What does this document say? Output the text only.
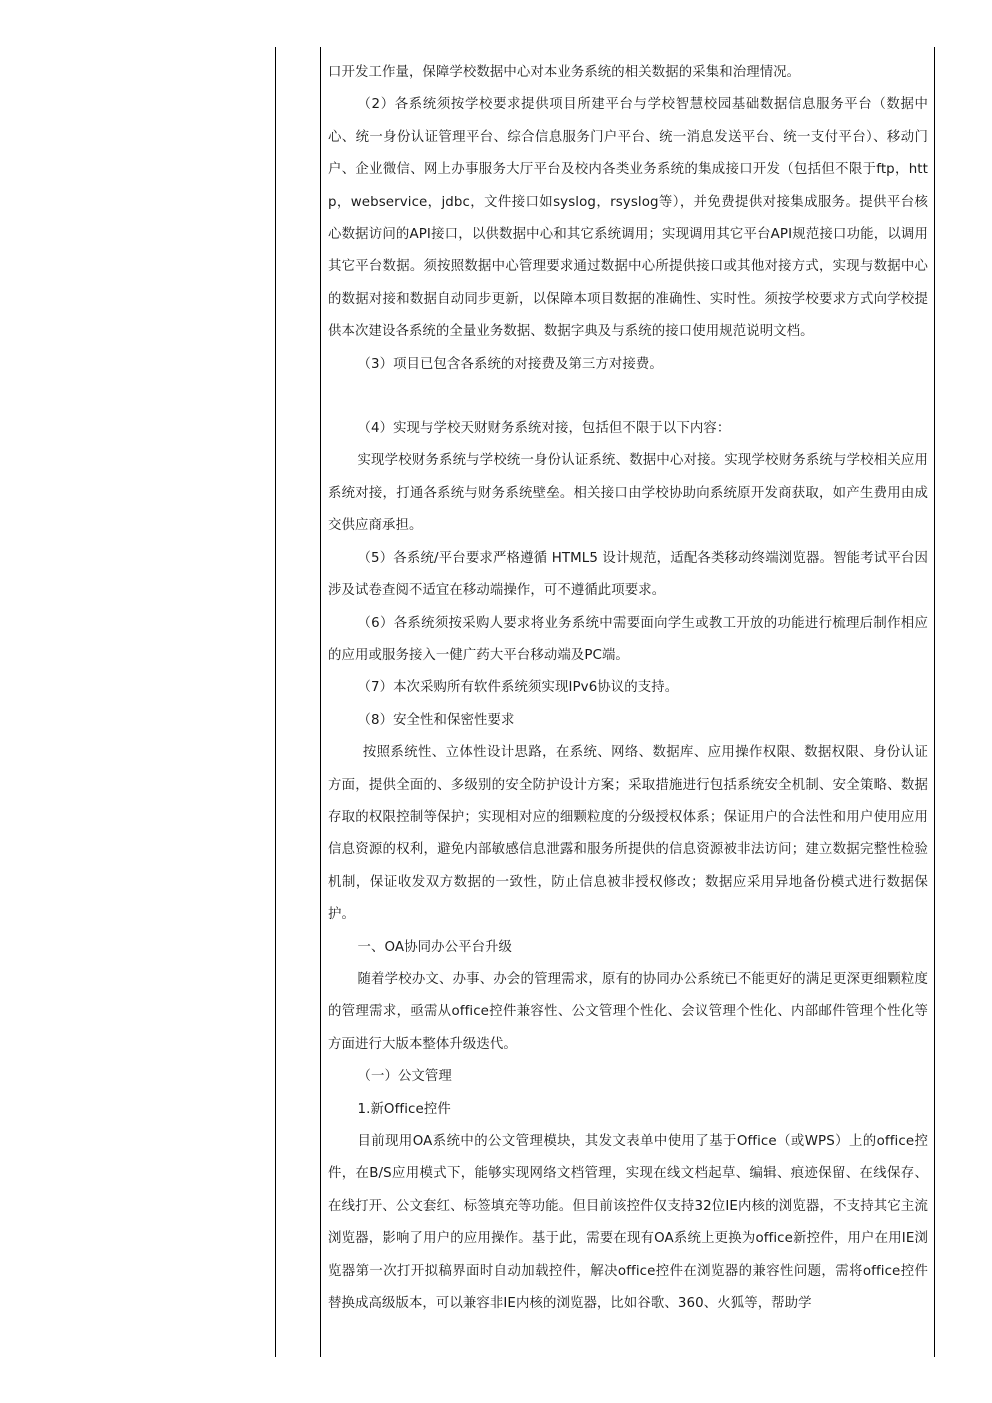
口开发工作量，保障学校数据中心对本业务系统的相关数据的采集和治理情况。

（2）各系统须按学校要求提供项目所建平台与学校智慧校园基础数据信息服务平台（数据中心、统一身份认证管理平台、综合信息服务门户平台、统一消息发送平台、统一支付平台）、移动门户、企业微信、网上办事服务大厅平台及校内各类业务系统的集成接口开发（包括但不限于ftp，http，webservice，jdbc，文件接口如syslog，rsyslog等），并免费提供对接集成服务。提供平台核心数据访问的API接口，以供数据中心和其它系统调用；实现调用其它平台API规范接口功能，以调用其它平台数据。须按照数据中心管理要求通过数据中心所提供接口或其他对接方式，实现与数据中心的数据对接和数据自动同步更新，以保障本项目数据的准确性、实时性。须按学校要求方式向学校提供本次建设各系统的全量业务数据、数据字典及与系统的接口使用规范说明文档。

（3）项目已包含各系统的对接费及第三方对接费。

（4）实现与学校天财财务系统对接，包括但不限于以下内容：

实现学校财务系统与学校统一身份认证系统、数据中心对接。实现学校财务系统与学校相关应用系统对接，打通各系统与财务系统壁垒。相关接口由学校协助向系统原开发商获取，如产生费用由成交供应商承担。

（5）各系统/平台要求严格遵循 HTML5 设计规范，适配各类移动终端浏览器。智能考试平台因涉及试卷查阅不适宜在移动端操作，可不遵循此项要求。

（6）各系统须按采购人要求将业务系统中需要面向学生或教工开放的功能进行梳理后制作相应的应用或服务接入一健广药大平台移动端及PC端。

（7）本次采购所有软件系统须实现IPv6协议的支持。

（8）安全性和保密性要求

按照系统性、立体性设计思路，在系统、网络、数据库、应用操作权限、数据权限、身份认证方面，提供全面的、多级别的安全防护设计方案；采取措施进行包括系统安全机制、安全策略、数据存取的权限控制等保护；实现相对应的细颗粒度的分级授权体系；保证用户的合法性和用户使用应用信息资源的权利，避免内部敏感信息泄露和服务所提供的信息资源被非法访问；建立数据完整性检验机制，保证收发双方数据的一致性，防止信息被非授权修改；数据应采用异地备份模式进行数据保护。

一、OA协同办公平台升级

随着学校办文、办事、办会的管理需求，原有的协同办公系统已不能更好的满足更深更细颗粒度的管理需求，亟需从office控件兼容性、公文管理个性化、会议管理个性化、内部邮件管理个性化等方面进行大版本整体升级迭代。

（一）公文管理

1.新Office控件

目前现用OA系统中的公文管理模块，其发文表单中使用了基于Office（或WPS）上的office控件，在B/S应用模式下，能够实现网络文档管理，实现在线文档起草、编辑、痕迹保留、在线保存、在线打开、公文套红、标签填充等功能。但目前该控件仅支持32位IE内核的浏览器，不支持其它主流浏览器，影响了用户的应用操作。基于此，需要在现有OA系统上更换为office新控件，用户在用IE浏览器第一次打开拟稿界面时自动加载控件，解决office控件在浏览器的兼容性问题，需将office控件替换成高级版本，可以兼容非IE内核的浏览器，比如谷歌、360、火狐等，帮助学
